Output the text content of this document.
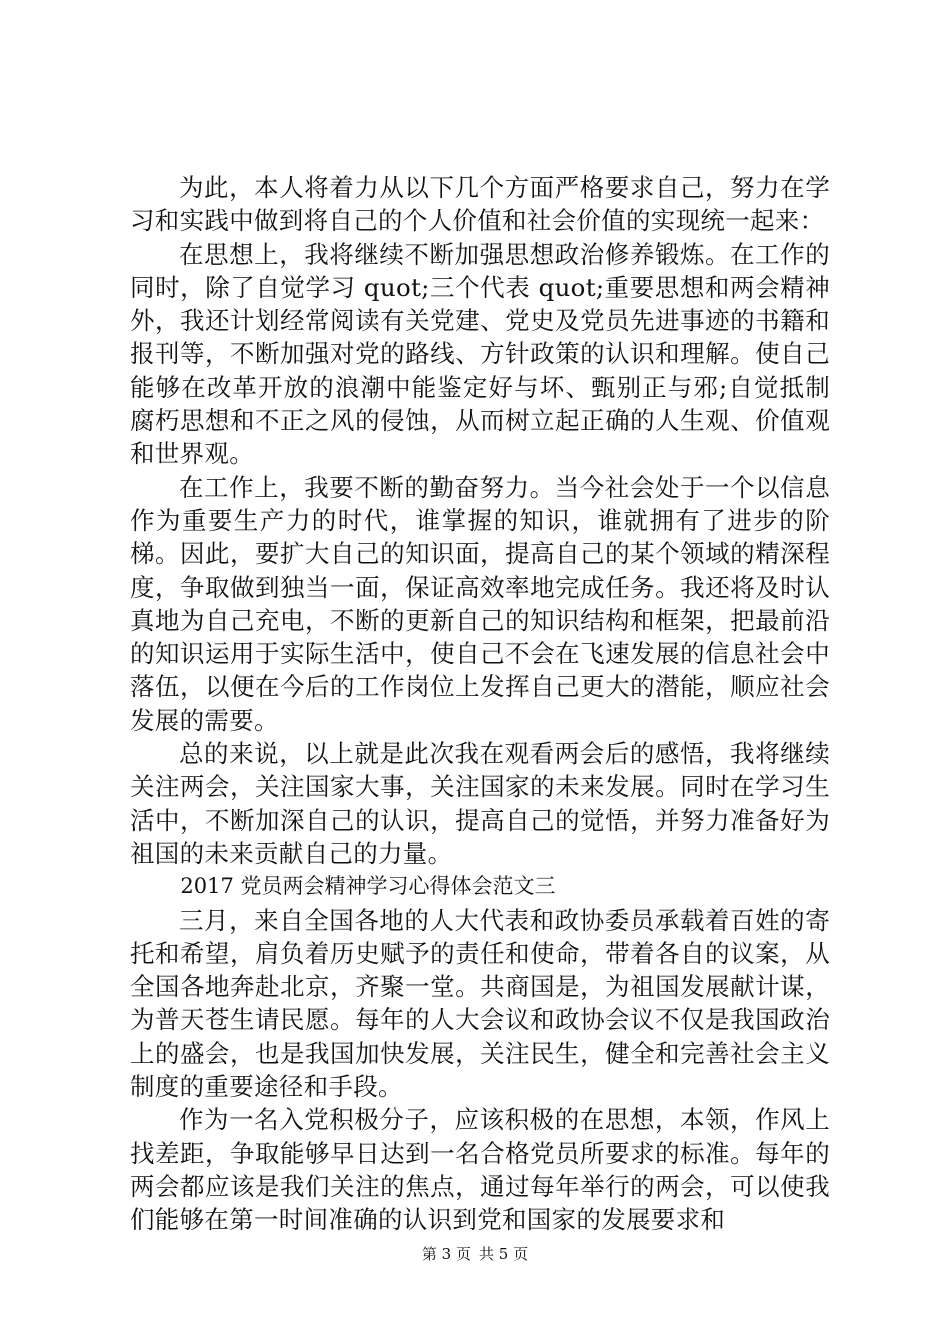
为此，本人将着力从以下几个方面严格要求自己，努力在学习和实践中做到将自己的个人价值和社会价值的实现统一起来：

在思想上，我将继续不断加强思想政治修养锻炼。在工作的同时，除了自觉学习 quot;三个代表 quot;重要思想和两会精神外，我还计划经常阅读有关党建、党史及党员先进事迹的书籍和报刊等，不断加强对党的路线、方针政策的认识和理解。使自己能够在改革开放的浪潮中能鉴定好与坏、甄别正与邪;自觉抵制腐朽思想和不正之风的侵蚀，从而树立起正确的人生观、价值观和世界观。

在工作上，我要不断的勤奋努力。当今社会处于一个以信息作为重要生产力的时代，谁掌握的知识，谁就拥有了进步的阶梯。因此，要扩大自己的知识面，提高自己的某个领域的精深程度，争取做到独当一面，保证高效率地完成任务。我还将及时认真地为自己充电，不断的更新自己的知识结构和框架，把最前沿的知识运用于实际生活中，使自己不会在飞速发展的信息社会中落伍，以便在今后的工作岗位上发挥自己更大的潜能，顺应社会发展的需要。

总的来说，以上就是此次我在观看两会后的感悟，我将继续关注两会，关注国家大事，关注国家的未来发展。同时在学习生活中，不断加深自己的认识，提高自己的觉悟，并努力准备好为祖国的未来贡献自己的力量。

2017 党员两会精神学习心得体会范文三

三月，来自全国各地的人大代表和政协委员承载着百姓的寄托和希望，肩负着历史赋予的责任和使命，带着各自的议案，从全国各地奔赴北京，齐聚一堂。共商国是，为祖国发展献计谋，为普天苍生请民愿。每年的人大会议和政协会议不仅是我国政治上的盛会，也是我国加快发展，关注民生，健全和完善社会主义制度的重要途径和手段。

作为一名入党积极分子，应该积极的在思想，本领，作风上找差距，争取能够早日达到一名合格党员所要求的标准。每年的两会都应该是我们关注的焦点，通过每年举行的两会，可以使我们能够在第一时间准确的认识到党和国家的发展要求和

第 3 页 共 5 页
